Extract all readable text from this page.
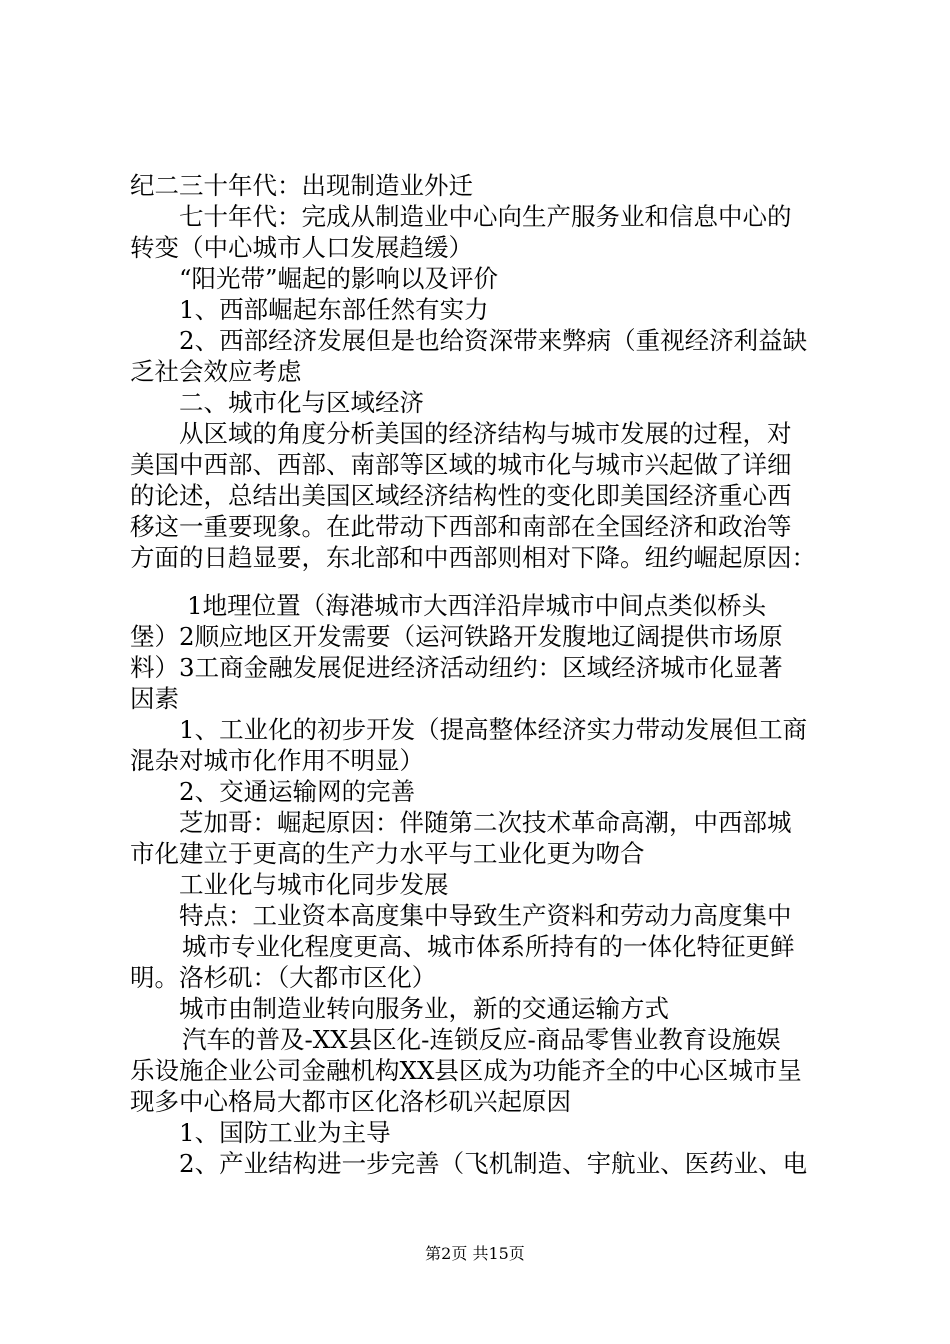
纪二三十年代：出现制造业外迁
七十年代：完成从制造业中心向生产服务业和信息中心的
转变（中心城市人口发展趋缓）
“阳光带”崛起的影响以及评价
1、西部崛起东部任然有实力
2、西部经济发展但是也给资深带来弊病（重视经济利益缺
乏社会效应考虑
二、城市化与区域经济
从区域的角度分析美国的经济结构与城市发展的过程，对
美国中西部、西部、南部等区域的城市化与城市兴起做了详细
的论述，总结出美国区域经济结构性的变化即美国经济重心西
移这一重要现象。在此带动下西部和南部在全国经济和政治等
方面的日趋显要，东北部和中西部则相对下降。纽约崛起原因：
1地理位置（海港城市大西洋沿岸城市中间点类似桥头
堡）2顺应地区开发需要（运河铁路开发腹地辽阔提供市场原
料）3工商金融发展促进经济活动纽约：区域经济城市化显著
因素
1、工业化的初步开发（提高整体经济实力带动发展但工商
混杂对城市化作用不明显）
2、交通运输网的完善
芝加哥：崛起原因：伴随第二次技术革命高潮，中西部城
市化建立于更高的生产力水平与工业化更为吻合
工业化与城市化同步发展
特点：工业资本高度集中导致生产资料和劳动力高度集中
城市专业化程度更高、城市体系所持有的一体化特征更鲜
明。洛杉矶：（大都市区化）
城市由制造业转向服务业，新的交通运输方式
汽车的普及-XX县区化-连锁反应-商品零售业教育设施娱
乐设施企业公司金融机构XX县区成为功能齐全的中心区城市呈
现多中心格局大都市区化洛杉矶兴起原因
1、国防工业为主导
2、产业结构进一步完善（飞机制造、宇航业、医药业、电
第2页 共15页
